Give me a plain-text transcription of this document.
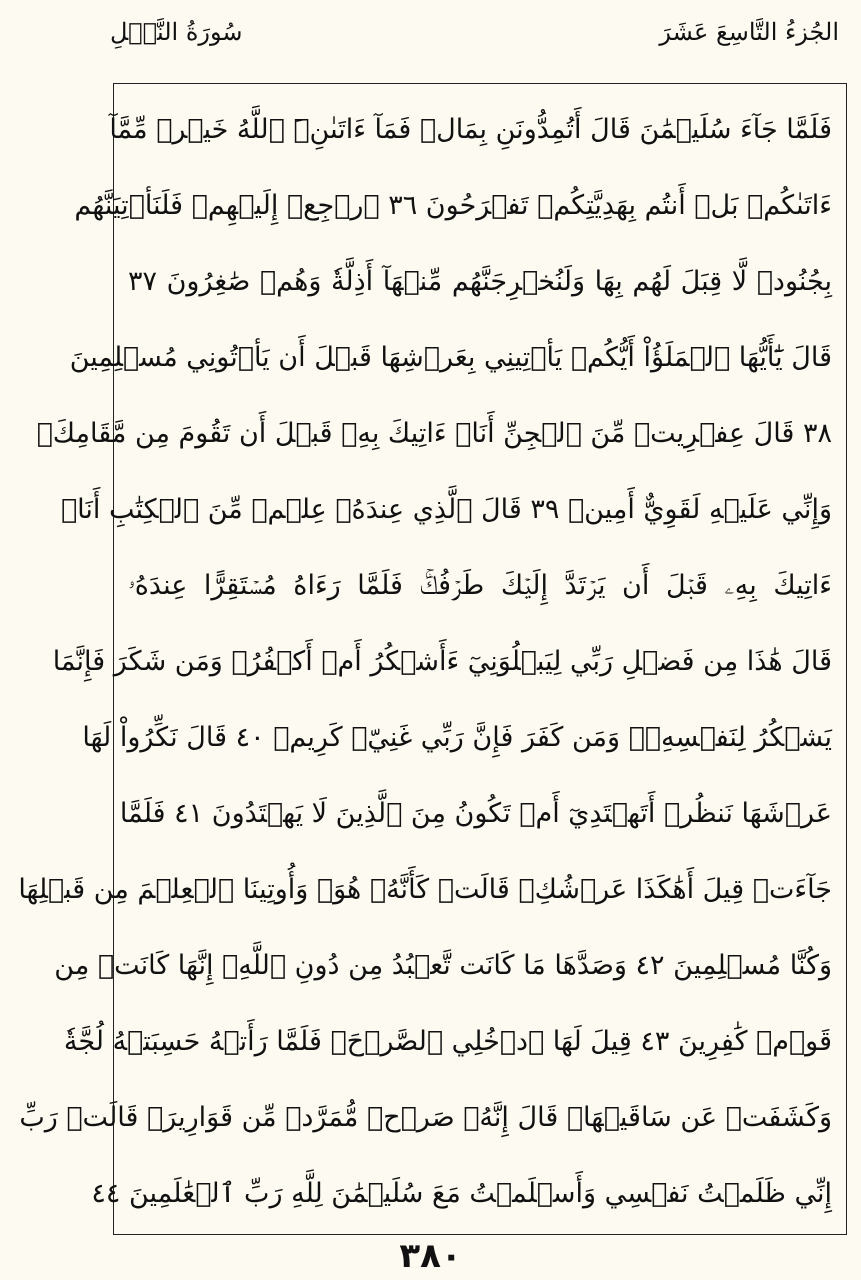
الجُزءُ التَّاسِعَ عَشَرَ
سُورَةُ النَّمۡلِ
فَلَمَّا جَآءَ سُلَيۡمَٰنَ قَالَ أَتُمِدُّونَنِ بِمَالٖ فَمَآ ءَاتَىٰنِۦَ ٱللَّهُ خَيۡرٞ مِّمَّآ
ءَاتَىٰكُمۚ بَلۡ أَنتُم بِهَدِيَّتِكُمۡ تَفۡرَحُونَ ٣٦ ٱرۡجِعۡ إِلَيۡهِمۡ فَلَنَأۡتِيَنَّهُم
بِجُنُودٖ لَّا قِبَلَ لَهُم بِهَا وَلَنُخۡرِجَنَّهُم مِّنۡهَآ أَذِلَّةٗ وَهُمۡ صَٰغِرُونَ ٣٧
قَالَ يَٰٓأَيُّهَا ٱلۡمَلَؤُاْ أَيُّكُمۡ يَأۡتِينِي بِعَرۡشِهَا قَبۡلَ أَن يَأۡتُونِي مُسۡلِمِينَ
٣٨ قَالَ عِفۡرِيتٞ مِّنَ ٱلۡجِنِّ أَنَا۠ ءَاتِيكَ بِهِۦ قَبۡلَ أَن تَقُومَ مِن مَّقَامِكَۖ
وَإِنِّي عَلَيۡهِ لَقَوِيٌّ أَمِينٞ ٣٩ قَالَ ٱلَّذِي عِندَهُۥ عِلۡمٞ مِّنَ ٱلۡكِتَٰبِ أَنَا۠
ءَاتِيكَ بِهِۦ قَبۡلَ أَن يَرۡتَدَّ إِلَيۡكَ طَرۡفُكَۚ فَلَمَّا رَءَاهُ مُسۡتَقِرًّا عِندَهُۥ
قَالَ هَٰذَا مِن فَضۡلِ رَبِّي لِيَبۡلُوَنِيٓ ءَأَشۡكُرُ أَمۡ أَكۡفُرُۖ وَمَن شَكَرَ فَإِنَّمَا
يَشۡكُرُ لِنَفۡسِهِۦۖ وَمَن كَفَرَ فَإِنَّ رَبِّي غَنِيّٞ كَرِيمٞ ٤٠ قَالَ نَكِّرُواْ لَهَا
عَرۡشَهَا نَنظُرۡ أَتَهۡتَدِيٓ أَمۡ تَكُونُ مِنَ ٱلَّذِينَ لَا يَهۡتَدُونَ ٤١ فَلَمَّا
جَآءَتۡ قِيلَ أَهَٰكَذَا عَرۡشُكِۖ قَالَتۡ كَأَنَّهُۥ هُوَۚ وَأُوتِينَا ٱلۡعِلۡمَ مِن قَبۡلِهَا
وَكُنَّا مُسۡلِمِينَ ٤٢ وَصَدَّهَا مَا كَانَت تَّعۡبُدُ مِن دُونِ ٱللَّهِۖ إِنَّهَا كَانَتۡ مِن
قَوۡمٖ كَٰفِرِينَ ٤٣ قِيلَ لَهَا ٱدۡخُلِي ٱلصَّرۡحَۖ فَلَمَّا رَأَتۡهُ حَسِبَتۡهُ لُجَّةٗ
وَكَشَفَتۡ عَن سَاقَيۡهَاۚ قَالَ إِنَّهُۥ صَرۡحٞ مُّمَرَّدٞ مِّن قَوَارِيرَۗ قَالَتۡ رَبِّ
إِنِّي ظَلَمۡتُ نَفۡسِي وَأَسۡلَمۡتُ مَعَ سُلَيۡمَٰنَ لِلَّهِ رَبِّ ٱلۡعَٰلَمِينَ ٤٤
٣٨٠
